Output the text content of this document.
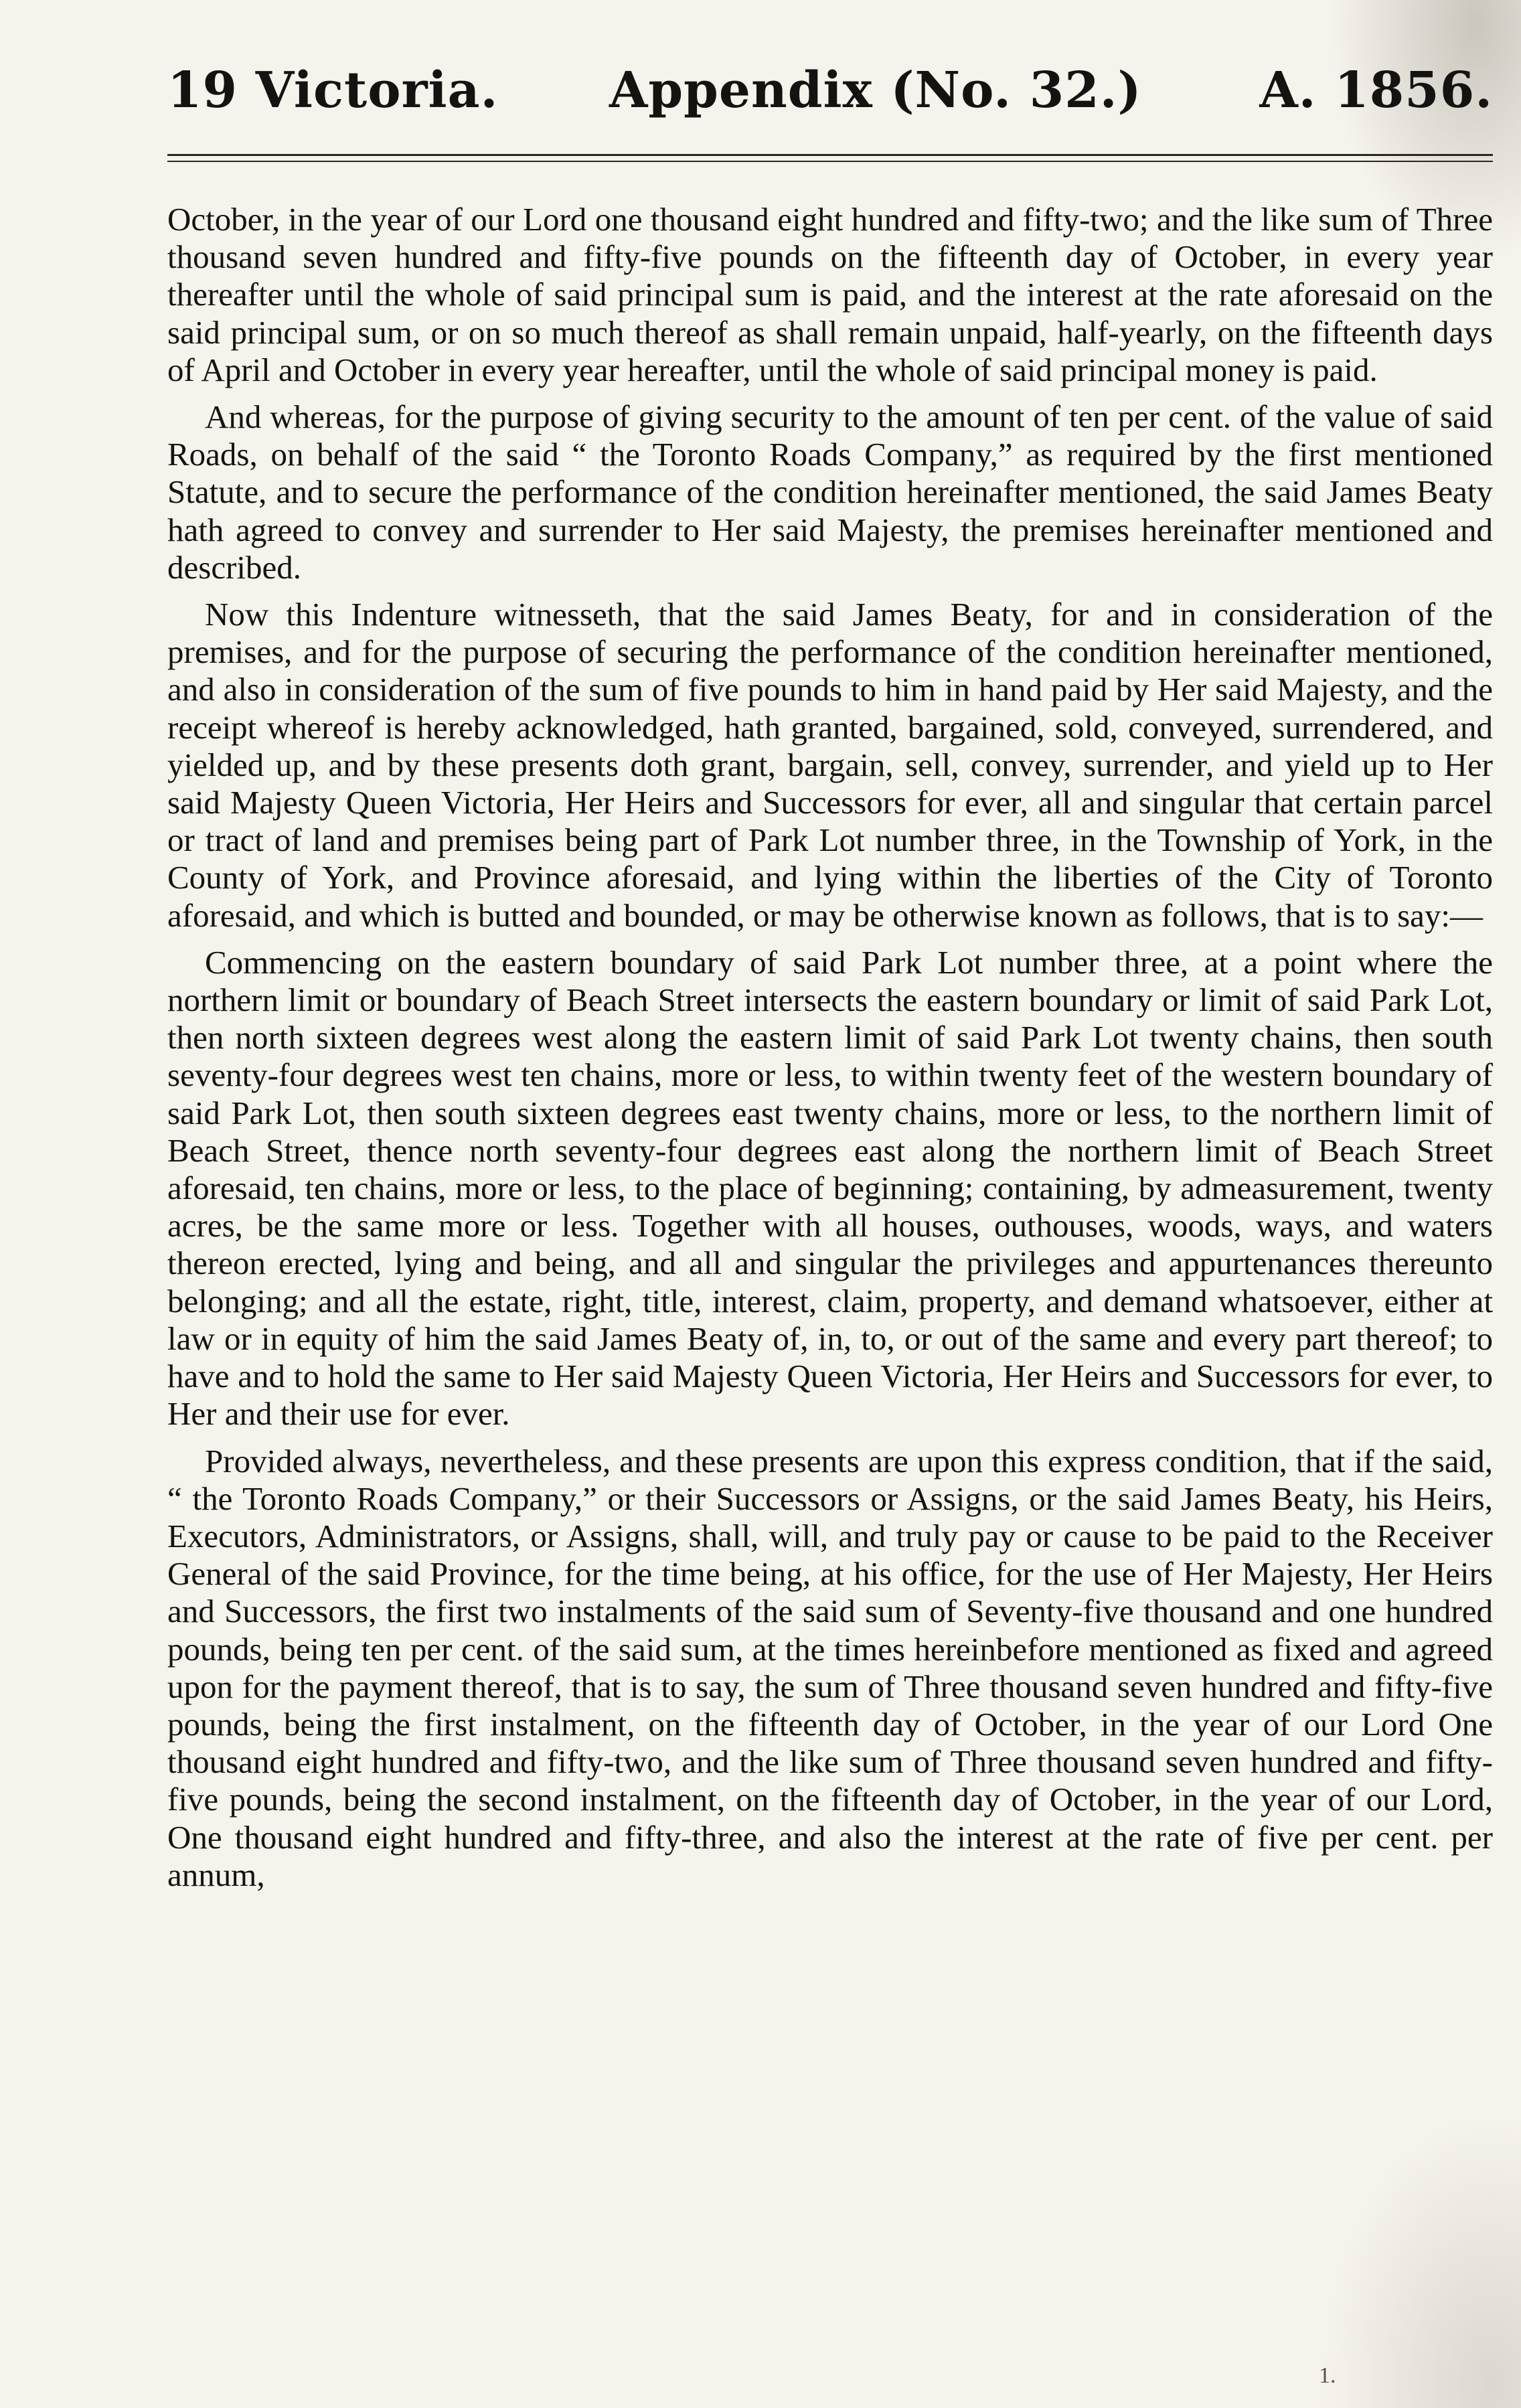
19 Victoria. Appendix (No. 32.) A. 1856.

October, in the year of our Lord one thousand eight hundred and fifty-two; and the like sum of Three thousand seven hundred and fifty-five pounds on the fifteenth day of October, in every year thereafter until the whole of said principal sum is paid, and the interest at the rate aforesaid on the said principal sum, or on so much thereof as shall remain unpaid, half-yearly, on the fifteenth days of April and October in every year hereafter, until the whole of said principal money is paid.

And whereas, for the purpose of giving security to the amount of ten per cent. of the value of said Roads, on behalf of the said “ the Toronto Roads Company,” as required by the first mentioned Statute, and to secure the performance of the condition hereinafter mentioned, the said James Beaty hath agreed to convey and surrender to Her said Majesty, the premises hereinafter mentioned and described.

Now this Indenture witnesseth, that the said James Beaty, for and in consideration of the premises, and for the purpose of securing the performance of the condition hereinafter mentioned, and also in consideration of the sum of five pounds to him in hand paid by Her said Majesty, and the receipt whereof is hereby acknowledged, hath granted, bargained, sold, conveyed, surrendered, and yielded up, and by these presents doth grant, bargain, sell, convey, surrender, and yield up to Her said Majesty Queen Victoria, Her Heirs and Successors for ever, all and singular that certain parcel or tract of land and premises being part of Park Lot number three, in the Township of York, in the County of York, and Province aforesaid, and lying within the liberties of the City of Toronto aforesaid, and which is butted and bounded, or may be otherwise known as follows, that is to say:—

Commencing on the eastern boundary of said Park Lot number three, at a point where the northern limit or boundary of Beach Street intersects the eastern boundary or limit of said Park Lot, then north sixteen degrees west along the eastern limit of said Park Lot twenty chains, then south seventy-four degrees west ten chains, more or less, to within twenty feet of the western boundary of said Park Lot, then south sixteen degrees east twenty chains, more or less, to the northern limit of Beach Street, thence north seventy-four degrees east along the northern limit of Beach Street aforesaid, ten chains, more or less, to the place of beginning; containing, by admeasurement, twenty acres, be the same more or less. Together with all houses, outhouses, woods, ways, and waters thereon erected, lying and being, and all and singular the privileges and appurtenances thereunto belonging; and all the estate, right, title, interest, claim, property, and demand whatsoever, either at law or in equity of him the said James Beaty of, in, to, or out of the same and every part thereof; to have and to hold the same to Her said Majesty Queen Victoria, Her Heirs and Successors for ever, to Her and their use for ever.

Provided always, nevertheless, and these presents are upon this express condition, that if the said, “ the Toronto Roads Company,” or their Successors or Assigns, or the said James Beaty, his Heirs, Executors, Administrators, or Assigns, shall, will, and truly pay or cause to be paid to the Receiver General of the said Province, for the time being, at his office, for the use of Her Majesty, Her Heirs and Successors, the first two instalments of the said sum of Seventy-five thousand and one hundred pounds, being ten per cent. of the said sum, at the times hereinbefore mentioned as fixed and agreed upon for the payment thereof, that is to say, the sum of Three thousand seven hundred and fifty-five pounds, being the first instalment, on the fifteenth day of October, in the year of our Lord One thousand eight hundred and fifty-two, and the like sum of Three thousand seven hundred and fifty-five pounds, being the second instalment, on the fifteenth day of October, in the year of our Lord, One thousand eight hundred and fifty-three, and also the interest at the rate of five per cent. per annum,

1.
